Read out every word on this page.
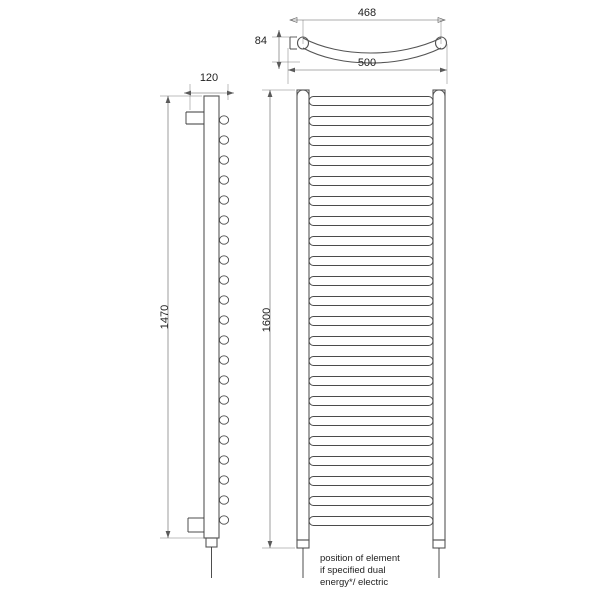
84
468
500
120
1470	1600
position of element
if specified dual
energy*/ electric
